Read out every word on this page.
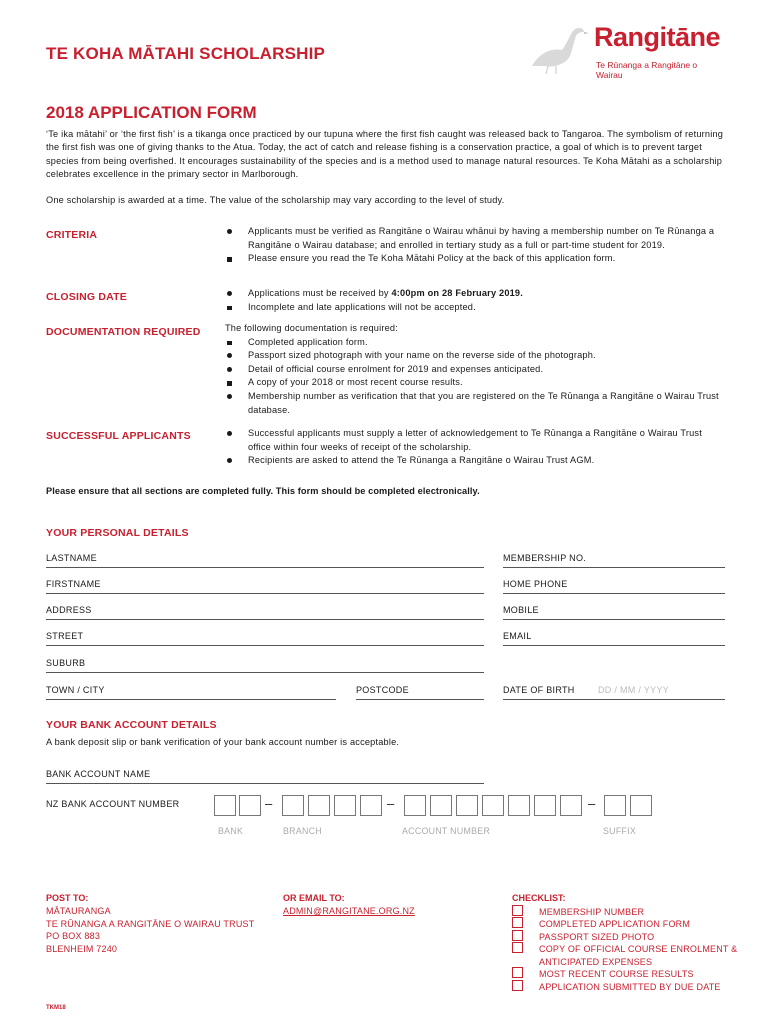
TE KOHA MĀTAHI SCHOLARSHIP
Rangitāne
Te Rūnanga a Rangitāne o Wairau
2018 APPLICATION FORM
‘Te ika mātahi’ or ‘the first fish’ is a tikanga once practiced by our tupuna where the first fish caught was released back to Tangaroa. The symbolism of returning the first fish was one of giving thanks to the Atua. Today, the act of catch and release fishing is a conservation practice, a goal of which is to prevent target species from being overfished. It encourages sustainability of the species and is a method used to manage natural resources. Te Koha Mātahi as a scholarship celebrates excellence in the primary sector in Marlborough.
One scholarship is awarded at a time. The value of the scholarship may vary according to the level of study.
CRITERIA	Applicants must be verified as Rangitāne o Wairau whānui by having a membership number on Te Rūnanga a Rangitāne o Wairau database; and enrolled in tertiary study as a full or part-time student for 2019.
Please ensure you read the Te Koha Mātahi Policy at the back of this application form.
CLOSING DATE	Applications must be received by 4:00pm on 28 February 2019.
Incomplete and late applications will not be accepted.
DOCUMENTATION REQUIRED	The following documentation is required:
Completed application form.
Passport sized photograph with your name on the reverse side of the photograph.
Detail of official course enrolment for 2019 and expenses anticipated.
A copy of your 2018 or most recent course results.
Membership number as verification that that you are registered on the Te Rūnanga a Rangitāne o Wairau Trust database.
SUCCESSFUL APPLICANTS	Successful applicants must supply a letter of acknowledgement to Te Rūnanga a Rangitāne o Wairau Trust office within four weeks of receipt of the scholarship.
Recipients are asked to attend the Te Rūnanga a Rangitāne o Wairau Trust AGM.
Please ensure that all sections are completed fully. This form should be completed electronically.
YOUR PERSONAL DETAILS
LASTNAME	MEMBERSHIP NO.
FIRSTNAME	HOME PHONE
ADDRESS	MOBILE
STREET	EMAIL
SUBURB
TOWN / CITY	POSTCODE	DATE OF BIRTH	DD / MM / YYYY
YOUR BANK ACCOUNT DETAILS
A bank deposit slip or bank verification of your bank account number is acceptable.
BANK ACCOUNT NAME
NZ BANK ACCOUNT NUMBER	–	–	–
BANK	BRANCH	ACCOUNT NUMBER	SUFFIX
POST TO:
MĀTAURANGA
TE RŪNANGA A RANGITĀNE O WAIRAU TRUST
PO BOX 883
BLENHEIM 7240
OR EMAIL TO:
ADMIN@RANGITANE.ORG.NZ
CHECKLIST:
MEMBERSHIP NUMBER
COMPLETED APPLICATION FORM
PASSPORT SIZED PHOTO
COPY OF OFFICIAL COURSE ENROLMENT & ANTICIPATED EXPENSES
MOST RECENT COURSE RESULTS
APPLICATION SUBMITTED BY DUE DATE
TKM18
